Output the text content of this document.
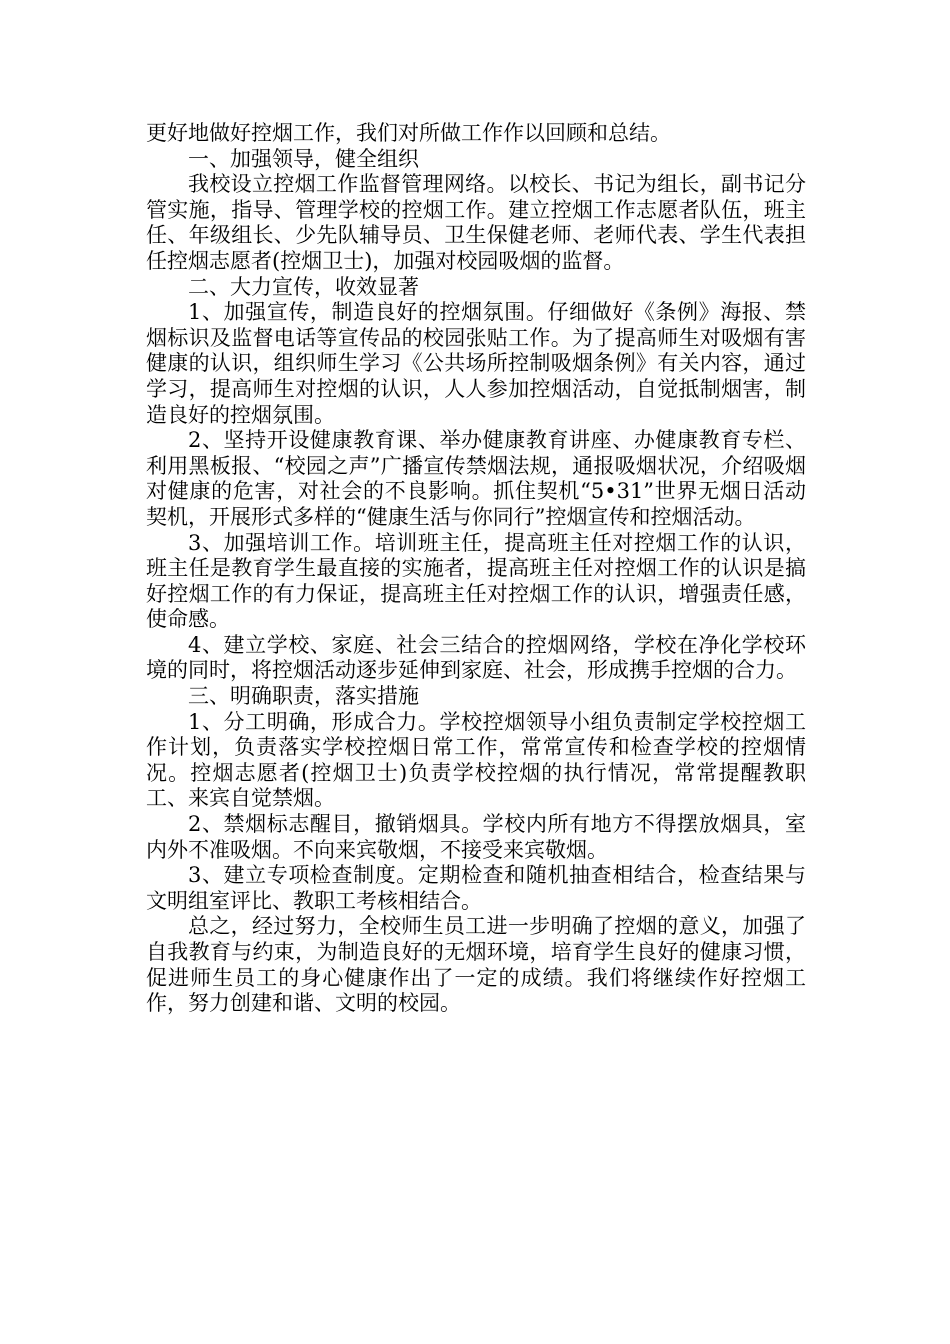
更好地做好控烟工作，我们对所做工作作以回顾和总结。

一、加强领导，健全组织

我校设立控烟工作监督管理网络。以校长、书记为组长，副书记分管实施，指导、管理学校的控烟工作。建立控烟工作志愿者队伍，班主任、年级组长、少先队辅导员、卫生保健老师、老师代表、学生代表担任控烟志愿者(控烟卫士)，加强对校园吸烟的监督。

二、大力宣传，收效显著

1、加强宣传，制造良好的控烟氛围。仔细做好《条例》海报、禁烟标识及监督电话等宣传品的校园张贴工作。为了提高师生对吸烟有害健康的认识，组织师生学习《公共场所控制吸烟条例》有关内容，通过学习，提高师生对控烟的认识，人人参加控烟活动，自觉抵制烟害，制造良好的控烟氛围。

2、坚持开设健康教育课、举办健康教育讲座、办健康教育专栏、利用黑板报、“校园之声”广播宣传禁烟法规，通报吸烟状况，介绍吸烟对健康的危害，对社会的不良影响。抓住契机“5•31”世界无烟日活动契机，开展形式多样的“健康生活与你同行”控烟宣传和控烟活动。

3、加强培训工作。培训班主任，提高班主任对控烟工作的认识，班主任是教育学生最直接的实施者，提高班主任对控烟工作的认识是搞好控烟工作的有力保证，提高班主任对控烟工作的认识，增强责任感，使命感。

4、建立学校、家庭、社会三结合的控烟网络，学校在净化学校环境的同时，将控烟活动逐步延伸到家庭、社会，形成携手控烟的合力。

三、明确职责，落实措施

1、分工明确，形成合力。学校控烟领导小组负责制定学校控烟工作计划，负责落实学校控烟日常工作，常常宣传和检查学校的控烟情况。控烟志愿者(控烟卫士)负责学校控烟的执行情况，常常提醒教职工、来宾自觉禁烟。

2、禁烟标志醒目，撤销烟具。学校内所有地方不得摆放烟具，室内外不准吸烟。不向来宾敬烟，不接受来宾敬烟。

3、建立专项检查制度。定期检查和随机抽查相结合，检查结果与文明组室评比、教职工考核相结合。

总之，经过努力，全校师生员工进一步明确了控烟的意义，加强了自我教育与约束，为制造良好的无烟环境，培育学生良好的健康习惯，促进师生员工的身心健康作出了一定的成绩。我们将继续作好控烟工作，努力创建和谐、文明的校园。
